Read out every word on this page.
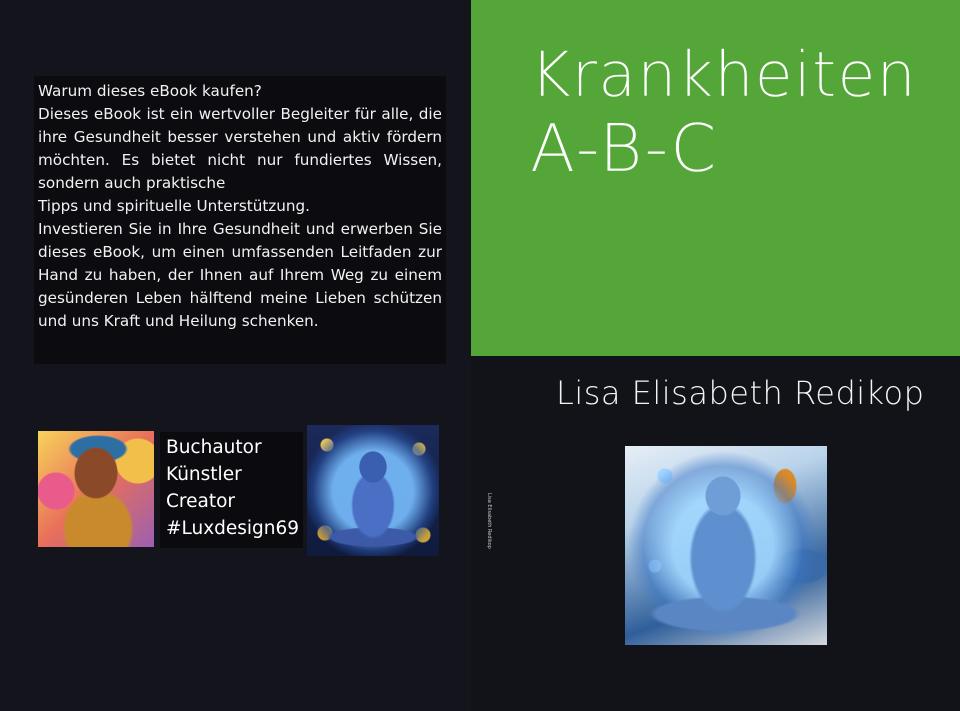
Krankheiten
A-B-C
Lisa Elisabeth Redikop

Warum dieses eBook kaufen?

Dieses eBook ist ein wertvoller Begleiter für alle, die ihre Gesundheit besser verstehen und aktiv fördern möchten. Es bietet nicht nur fundiertes Wissen, sondern auch praktische

Tipps und spirituelle Unterstützung.

Investieren Sie in Ihre Gesundheit und erwerben Sie dieses eBook, um einen umfassenden Leitfaden zur Hand zu haben, der Ihnen auf Ihrem Weg zu einem gesünderen Leben hälftend meine Lieben schützen und uns Kraft und Heilung schenken.

Buchautor
Künstler
Creator
#Luxdesign69	Lisa Elisabeth Redikop
